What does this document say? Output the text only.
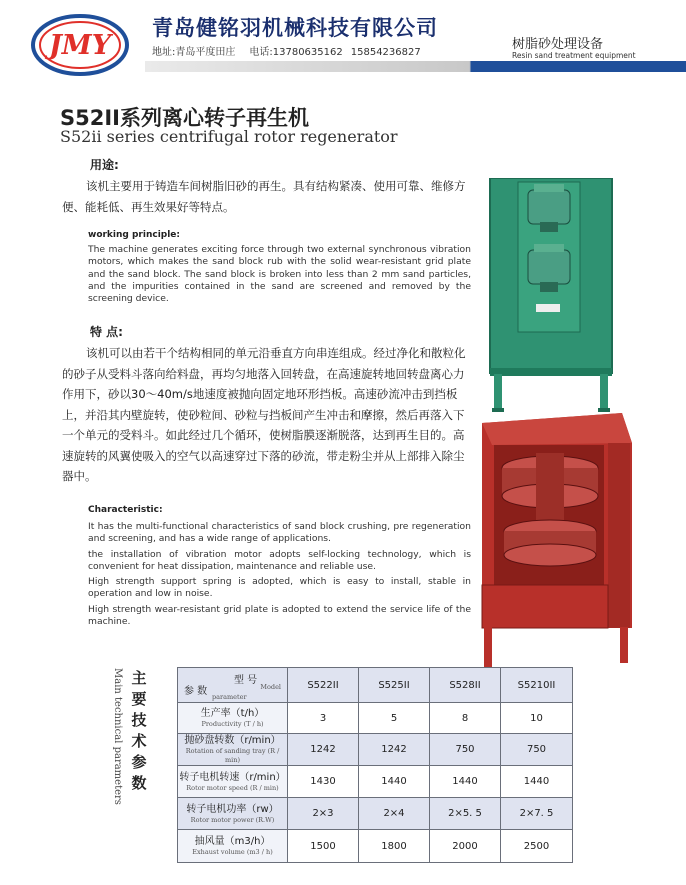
JMY
青岛健铭羽机械科技有限公司
地址:青岛平度田庄 电话:13780635162 15854236827
树脂砂处理设备
Resin sand treatment equipment
S52II系列离心转子再生机
S52ii series centrifugal rotor regenerator
用途:
该机主要用于铸造车间树脂旧砂的再生。具有结构紧凑、使用可靠、维修方便、能耗低、再生效果好等特点。
working principle:
The machine generates exciting force through two external synchronous vibration motors, which makes the sand block rub with the solid wear-resistant grid plate and the sand block. The sand block is broken into less than 2 mm sand particles, and the impurities contained in the sand are screened and removed by the screening device.
特 点:
该机可以由若干个结构相同的单元沿垂直方向串连组成。经过净化和散粒化的砂子从受料斗落向给料盘，再均匀地落入回转盘，在高速旋转地回转盘离心力作用下，砂以30～40m/s地速度被抛向固定地环形挡板。高速砂流冲击到挡板上，并沿其内壁旋转，使砂粒间、砂粒与挡板间产生冲击和摩擦，然后再落入下一个单元的受料斗。如此经过几个循环，使树脂膜逐渐脱落，达到再生目的。高速旋转的风翼使吸入的空气以高速穿过下落的砂流，带走粉尘并从上部排入除尘器中。
Characteristic:

It has the multi-functional characteristics of sand block crushing, pre regeneration and screening, and has a wide range of applications.

the installation of vibration motor adopts self-locking technology, which is convenient for heat dissipation, maintenance and reliable use.

High strength support spring is adopted, which is easy to install, stable in operation and low in noise.

High strength wear-resistant grid plate is adopted to extend the service life of the machine.

Main technical parameters 主要技术参数
型 号
Model
参 数 parameter	S522II	S525II	S528II	S5210II

生产率（t/h）
Productivity (T / h)	3	5	8	10

抛砂盘转数（r/min）
Rotation of sanding tray (R / min)	1242	1242	750	750

转子电机转速（r/min）
Rotor motor speed (R / min)	1430	1440	1440	1440

转子电机功率（rw）
Rotor motor power (R.W)	2×3	2×4	2×5. 5	2×7. 5

抽风量（m3/h）
Exhaust volume (m3 / h)	1500	1800	2000	2500
